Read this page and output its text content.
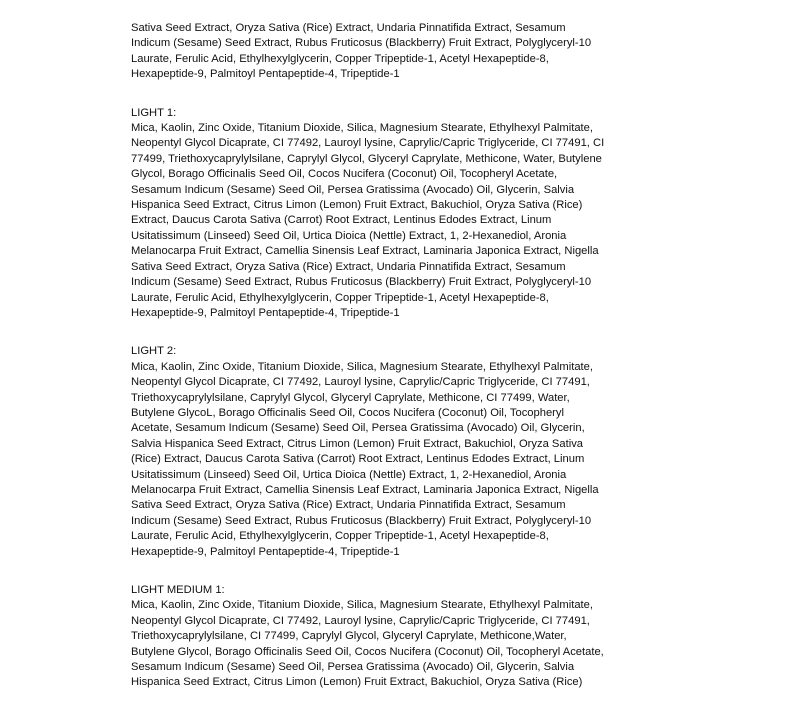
Sativa Seed Extract, Oryza Sativa (Rice) Extract, Undaria Pinnatifida Extract, Sesamum
Indicum (Sesame) Seed Extract, Rubus Fruticosus (Blackberry) Fruit Extract, Polyglyceryl-10
Laurate, Ferulic Acid, Ethylhexylglycerin, Copper Tripeptide-1, Acetyl Hexapeptide-8,
Hexapeptide-9, Palmitoyl Pentapeptide-4, Tripeptide-1

LIGHT 1:

Mica, Kaolin, Zinc Oxide, Titanium Dioxide, Silica, Magnesium Stearate, Ethylhexyl Palmitate,
Neopentyl Glycol Dicaprate, CI 77492, Lauroyl lysine, Caprylic/Capric Triglyceride, CI 77491, CI
77499, Triethoxycaprylylsilane, Caprylyl Glycol, Glyceryl Caprylate, Methicone, Water, Butylene
Glycol, Borago Officinalis Seed Oil, Cocos Nucifera (Coconut) Oil, Tocopheryl Acetate,
Sesamum Indicum (Sesame) Seed Oil, Persea Gratissima (Avocado) Oil, Glycerin, Salvia
Hispanica Seed Extract, Citrus Limon (Lemon) Fruit Extract, Bakuchiol, Oryza Sativa (Rice)
Extract, Daucus Carota Sativa (Carrot) Root Extract, Lentinus Edodes Extract, Linum
Usitatissimum (Linseed) Seed Oil, Urtica Dioica (Nettle) Extract, 1, 2-Hexanediol, Aronia
Melanocarpa Fruit Extract, Camellia Sinensis Leaf Extract, Laminaria Japonica Extract, Nigella
Sativa Seed Extract, Oryza Sativa (Rice) Extract, Undaria Pinnatifida Extract, Sesamum
Indicum (Sesame) Seed Extract, Rubus Fruticosus (Blackberry) Fruit Extract, Polyglyceryl-10
Laurate, Ferulic Acid, Ethylhexylglycerin, Copper Tripeptide-1, Acetyl Hexapeptide-8,
Hexapeptide-9, Palmitoyl Pentapeptide-4, Tripeptide-1

LIGHT 2:

Mica, Kaolin, Zinc Oxide, Titanium Dioxide, Silica, Magnesium Stearate, Ethylhexyl Palmitate,
Neopentyl Glycol Dicaprate, CI 77492, Lauroyl lysine, Caprylic/Capric Triglyceride, CI 77491,
Triethoxycaprylylsilane, Caprylyl Glycol, Glyceryl Caprylate, Methicone, CI 77499, Water,
Butylene GlycoL, Borago Officinalis Seed Oil, Cocos Nucifera (Coconut) Oil, Tocopheryl
Acetate, Sesamum Indicum (Sesame) Seed Oil, Persea Gratissima (Avocado) Oil, Glycerin,
Salvia Hispanica Seed Extract, Citrus Limon (Lemon) Fruit Extract, Bakuchiol, Oryza Sativa
(Rice) Extract, Daucus Carota Sativa (Carrot) Root Extract, Lentinus Edodes Extract, Linum
Usitatissimum (Linseed) Seed Oil, Urtica Dioica (Nettle) Extract, 1, 2-Hexanediol, Aronia
Melanocarpa Fruit Extract, Camellia Sinensis Leaf Extract, Laminaria Japonica Extract, Nigella
Sativa Seed Extract, Oryza Sativa (Rice) Extract, Undaria Pinnatifida Extract, Sesamum
Indicum (Sesame) Seed Extract, Rubus Fruticosus (Blackberry) Fruit Extract, Polyglyceryl-10
Laurate, Ferulic Acid, Ethylhexylglycerin, Copper Tripeptide-1, Acetyl Hexapeptide-8,
Hexapeptide-9, Palmitoyl Pentapeptide-4, Tripeptide-1

LIGHT MEDIUM 1:

Mica, Kaolin, Zinc Oxide, Titanium Dioxide, Silica, Magnesium Stearate, Ethylhexyl Palmitate,
Neopentyl Glycol Dicaprate, CI 77492, Lauroyl lysine, Caprylic/Capric Triglyceride, CI 77491,
Triethoxycaprylylsilane, CI 77499, Caprylyl Glycol, Glyceryl Caprylate, Methicone,Water,
Butylene Glycol, Borago Officinalis Seed Oil, Cocos Nucifera (Coconut) Oil, Tocopheryl Acetate,
Sesamum Indicum (Sesame) Seed Oil, Persea Gratissima (Avocado) Oil, Glycerin, Salvia
Hispanica Seed Extract, Citrus Limon (Lemon) Fruit Extract, Bakuchiol, Oryza Sativa (Rice)
